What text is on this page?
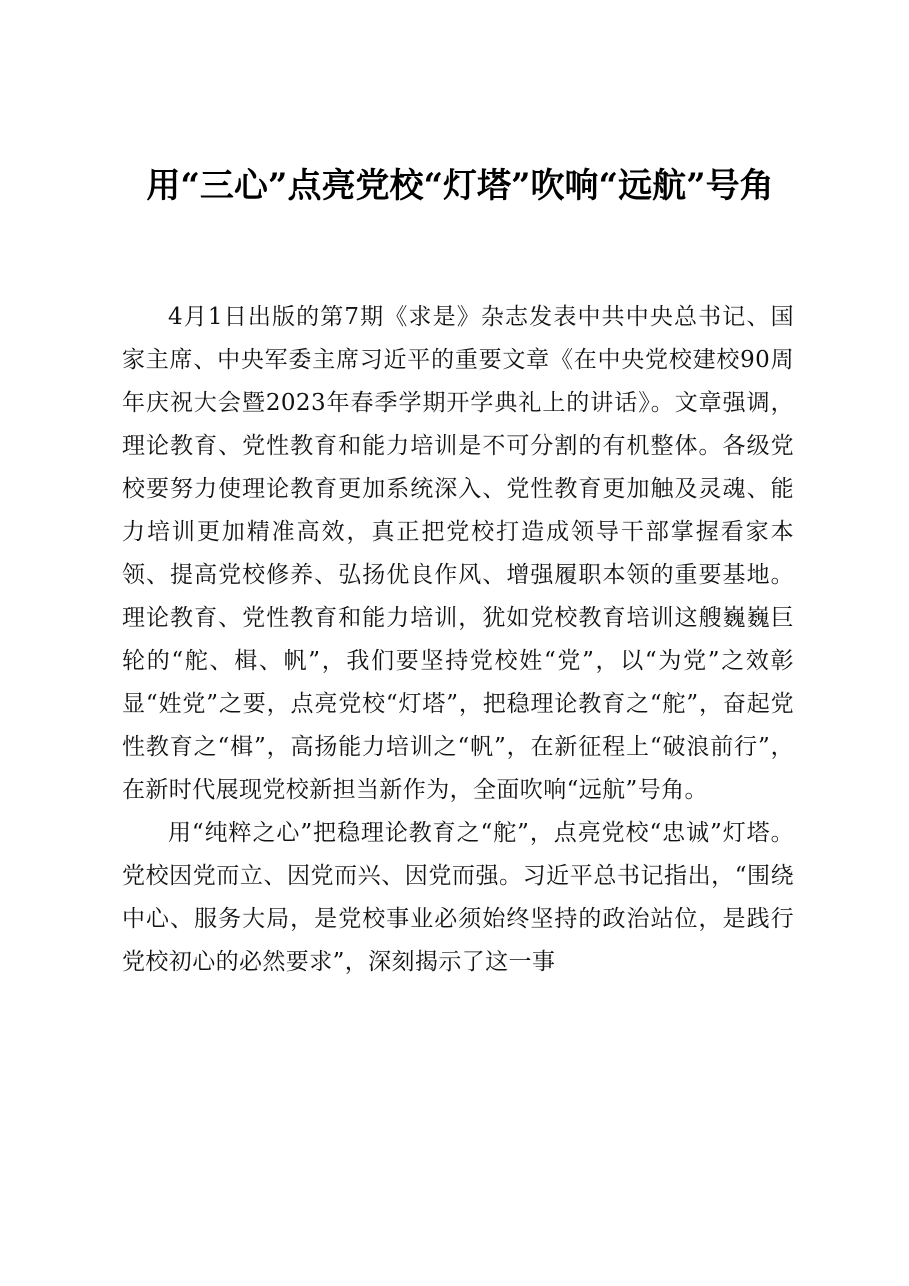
用“三心”点亮党校“灯塔”吹响“远航”号角

4月1日出版的第7期《求是》杂志发表中共中央总书记、国家主席、中央军委主席习近平的重要文章《在中央党校建校90周年庆祝大会暨2023年春季学期开学典礼上的讲话》。文章强调，理论教育、党性教育和能力培训是不可分割的有机整体。各级党校要努力使理论教育更加系统深入、党性教育更加触及灵魂、能力培训更加精准高效，真正把党校打造成领导干部掌握看家本领、提高党校修养、弘扬优良作风、增强履职本领的重要基地。理论教育、党性教育和能力培训，犹如党校教育培训这艘巍巍巨轮的“舵、楫、帆”，我们要坚持党校姓“党”，以“为党”之效彰显“姓党”之要，点亮党校“灯塔”，把稳理论教育之“舵”，奋起党性教育之“楫”，高扬能力培训之“帆”，在新征程上“破浪前行”，在新时代展现党校新担当新作为，全面吹响“远航”号角。

用“纯粹之心”把稳理论教育之“舵”，点亮党校“忠诚”灯塔。党校因党而立、因党而兴、因党而强。习近平总书记指出，“围绕中心、服务大局，是党校事业必须始终坚持的政治站位，是践行党校初心的必然要求”，深刻揭示了这一事
